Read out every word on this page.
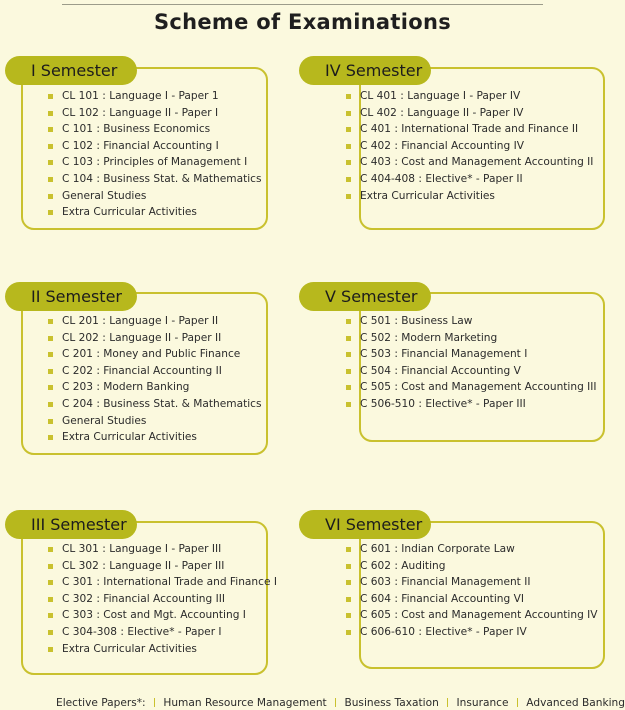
Scheme of Examinations
I Semester
CL 101 : Language I - Paper 1
CL 102 : Language II - Paper I
C 101 : Business Economics
C 102 : Financial Accounting I
C 103 : Principles of Management I
C 104 : Business Stat. & Mathematics
General Studies
Extra Curricular Activities
IV Semester
CL 401 : Language I - Paper IV
CL 402 : Language II - Paper IV
C 401 : International Trade and Finance II
C 402 : Financial Accounting IV
C 403 : Cost and Management Accounting II
C 404-408 : Elective* - Paper II
Extra Curricular Activities
II Semester
CL 201 : Language I - Paper II
CL 202 : Language II - Paper II
C 201 : Money and Public Finance
C 202 : Financial Accounting II
C 203 : Modern Banking
C 204 : Business Stat. & Mathematics
General Studies
Extra Curricular Activities
V Semester
C 501 : Business Law
C 502 : Modern Marketing
C 503 : Financial Management I
C 504 : Financial Accounting V
C 505 : Cost and Management Accounting III
C 506-510 : Elective* - Paper III
III Semester
CL 301 : Language I - Paper III
CL 302 : Language II - Paper III
C 301 : International Trade and Finance I
C 302 : Financial Accounting III
C 303 : Cost and Mgt. Accounting I
C 304-308 : Elective* - Paper I
Extra Curricular Activities
VI Semester
C 601 : Indian Corporate Law
C 602 : Auditing
C 603 : Financial Management II
C 604 : Financial Accounting VI
C 605 : Cost and Management Accounting IV
C 606-610 : Elective* - Paper IV
Elective Papers*: Human Resource Management Business Taxation Insurance Advanced Banking
